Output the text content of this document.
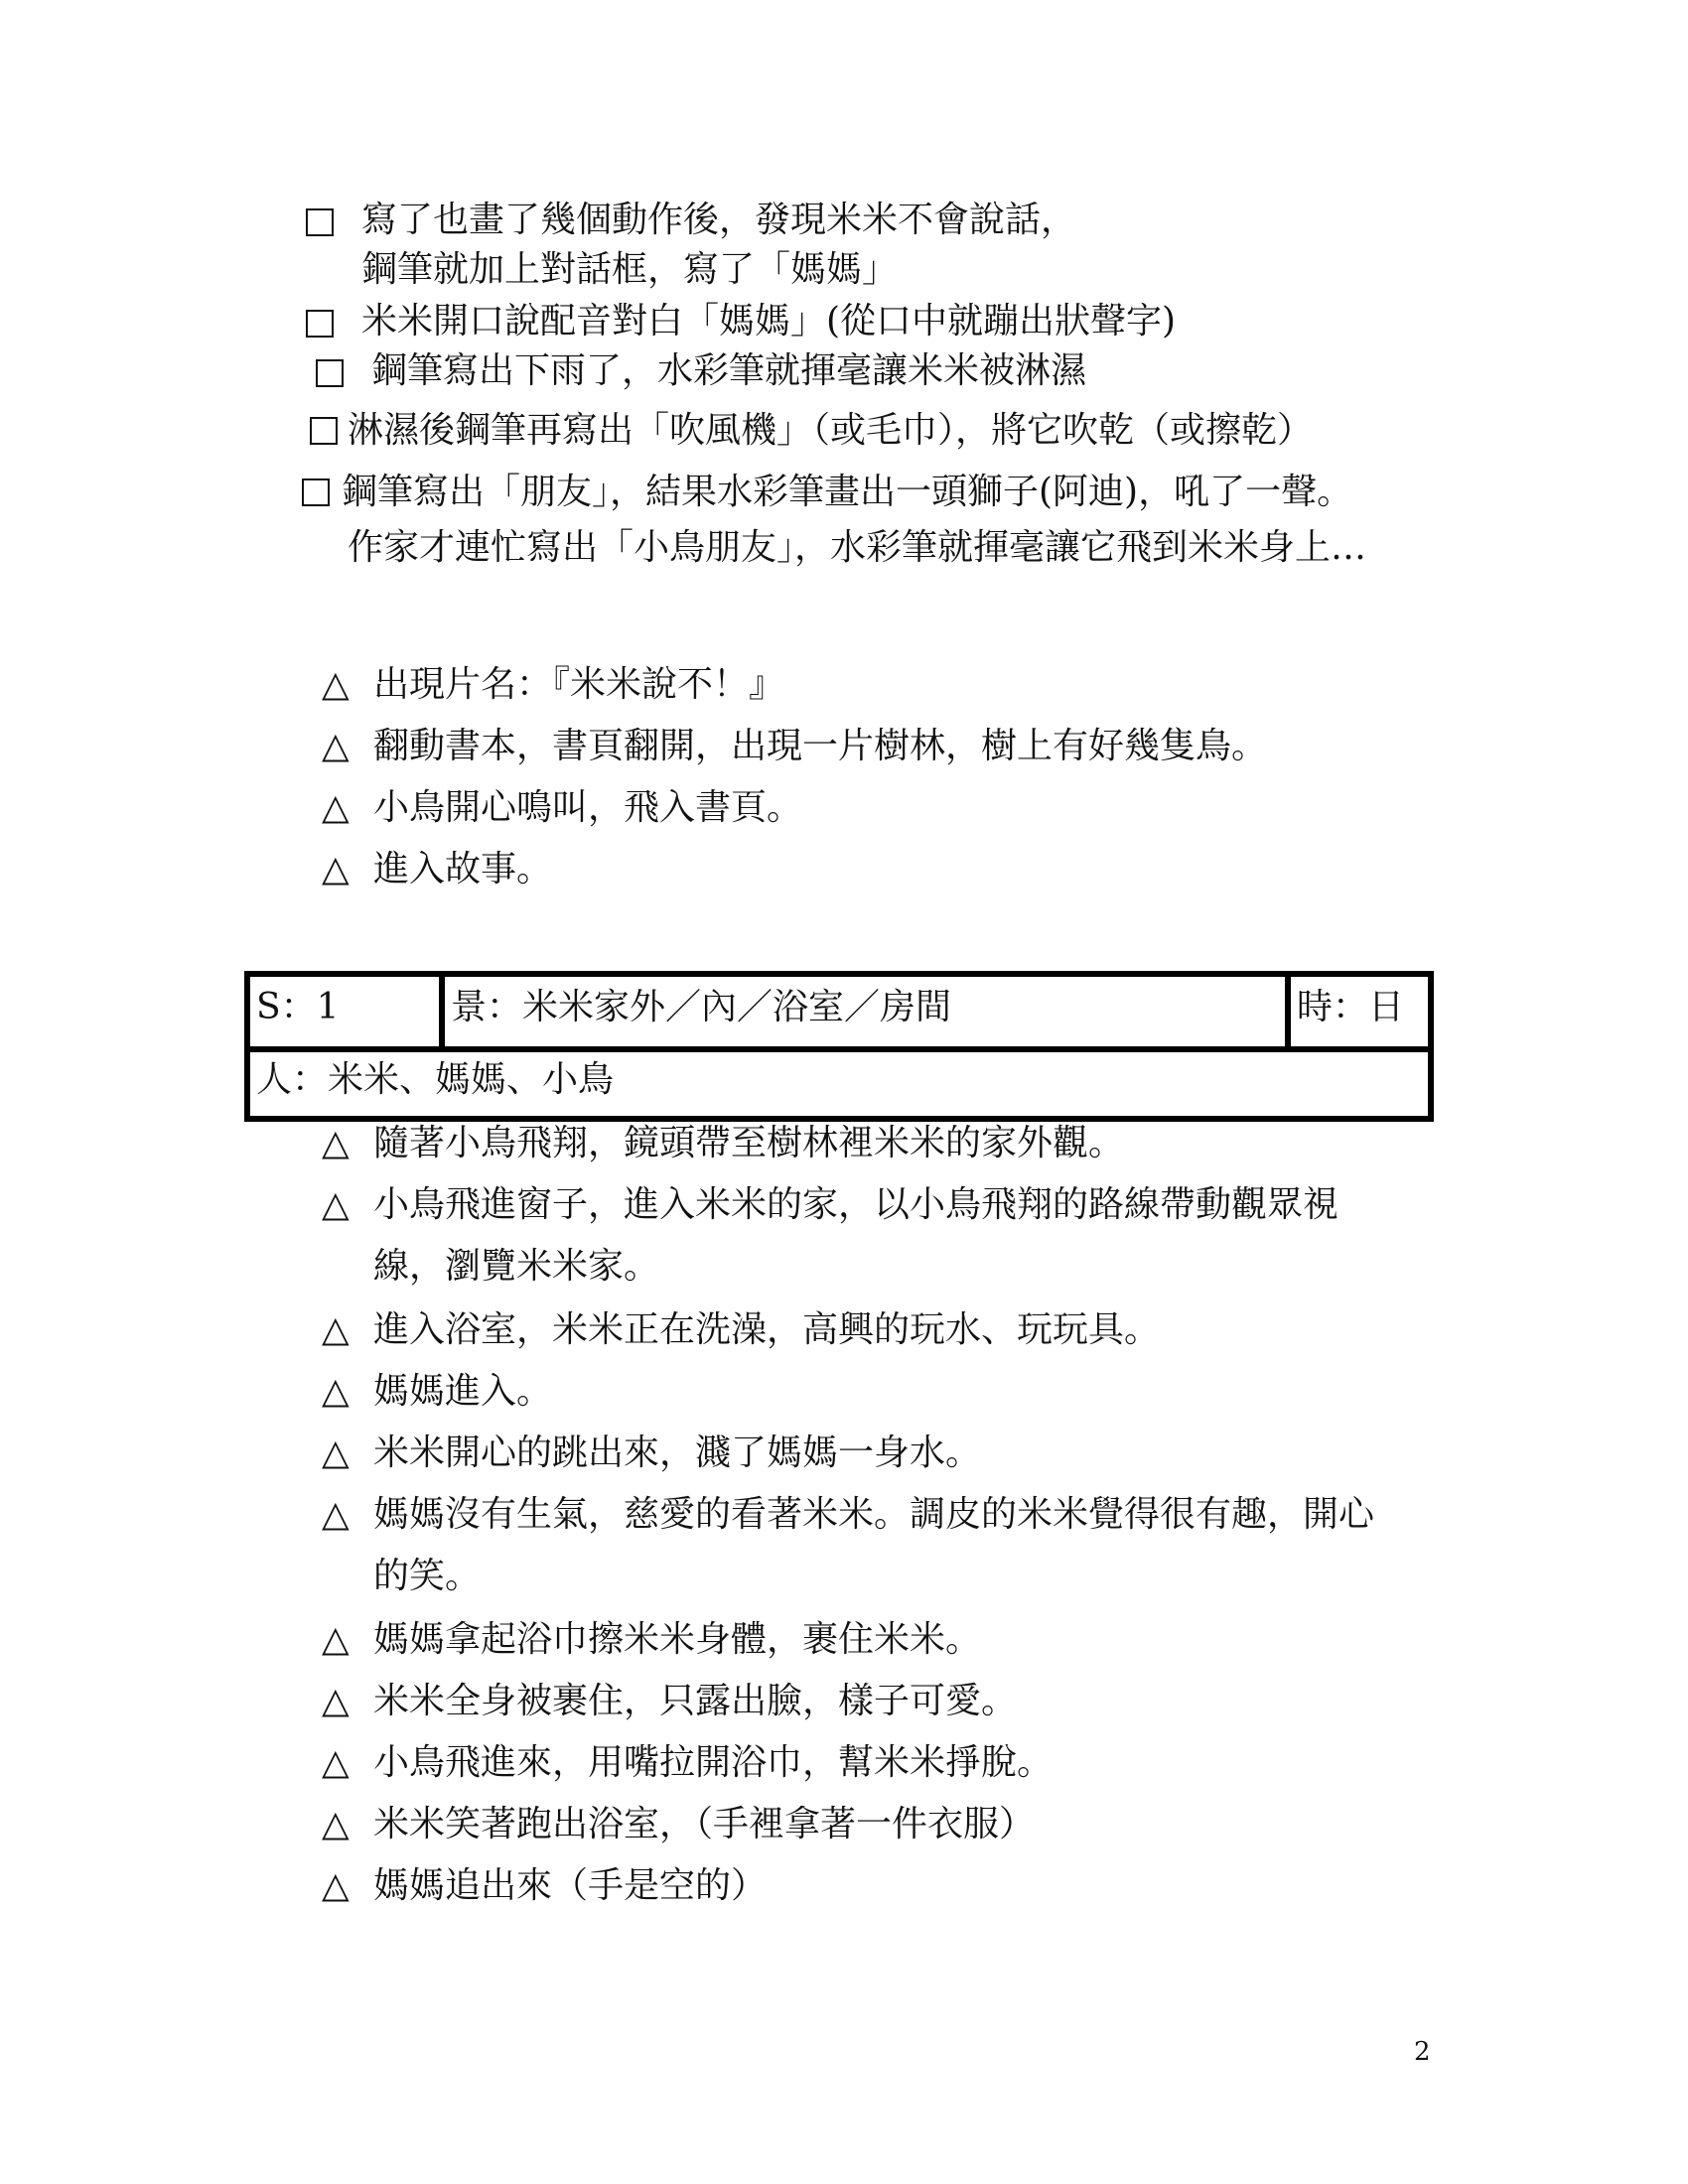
寫了也畫了幾個動作後，發現米米不會說話，
鋼筆就加上對話框，寫了「媽媽」
米米開口說配音對白「媽媽」(從口中就蹦出狀聲字)
鋼筆寫出下雨了，水彩筆就揮毫讓米米被淋濕
淋濕後鋼筆再寫出「吹風機」（或毛巾），將它吹乾（或擦乾）
鋼筆寫出「朋友」，結果水彩筆畫出一頭獅子(阿迪)，吼了一聲。
作家才連忙寫出「小鳥朋友」，水彩筆就揮毫讓它飛到米米身上…
△ 出現片名：『米米說不！』
△ 翻動書本，書頁翻開，出現一片樹林，樹上有好幾隻鳥。
△ 小鳥開心鳴叫，飛入書頁。
△ 進入故事。
S：1	景：米米家外／內／浴室／房間	時：日
人：米米、媽媽、小鳥
△ 隨著小鳥飛翔，鏡頭帶至樹林裡米米的家外觀。
△ 小鳥飛進窗子，進入米米的家，以小鳥飛翔的路線帶動觀眾視
線，瀏覽米米家。
△ 進入浴室，米米正在洗澡，高興的玩水、玩玩具。
△ 媽媽進入。
△ 米米開心的跳出來，濺了媽媽一身水。
△ 媽媽沒有生氣，慈愛的看著米米。調皮的米米覺得很有趣，開心
的笑。
△ 媽媽拿起浴巾擦米米身體，裹住米米。
△ 米米全身被裹住，只露出臉，樣子可愛。
△ 小鳥飛進來，用嘴拉開浴巾，幫米米掙脫。
△ 米米笑著跑出浴室，（手裡拿著一件衣服）
△ 媽媽追出來（手是空的）
2
